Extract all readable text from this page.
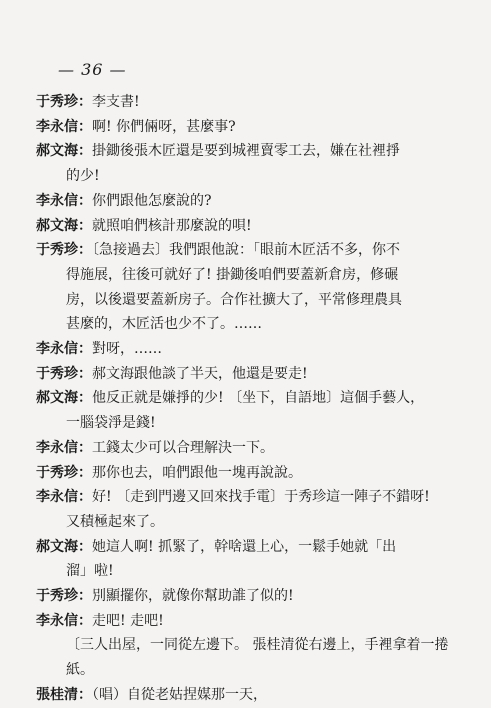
— 36 —
于秀珍：李支書!
李永信：啊! 你們倆呀，甚麼事?
郝文海：掛鋤後張木匠還是要到城裡賣零工去，嫌在社裡掙
的少!
李永信：你們跟他怎麼說的?
郝文海：就照咱們核計那麼說的唄!
于秀珍：〔急接過去〕我們跟他說：「眼前木匠活不多，你不
得施展，往後可就好了! 掛鋤後咱們要蓋新倉房，修碾
房，以後還要蓋新房子。合作社擴大了，平常修理農具
甚麼的，木匠活也少不了。……
李永信：對呀，……
于秀珍：郝文海跟他談了半天，他還是要走!
郝文海：他反正就是嫌掙的少! 〔坐下，自語地〕這個手藝人，
一腦袋淨是錢!
李永信：工錢太少可以合理解決一下。
于秀珍：那你也去，咱們跟他一塊再說說。
李永信：好! 〔走到門邊又回來找手電〕于秀珍這一陣子不錯呀!
又積極起來了。
郝文海：她這人啊! 抓緊了，幹啥還上心，一鬆手她就「出
溜」啦!
于秀珍：別顯擺你，就像你幫助誰了似的!
李永信：走吧! 走吧!
〔三人出屋，一同從左邊下。 張桂清從右邊上，手裡拿着一捲
紙。
張桂清：（唱）自從老姑捏媒那一天，
